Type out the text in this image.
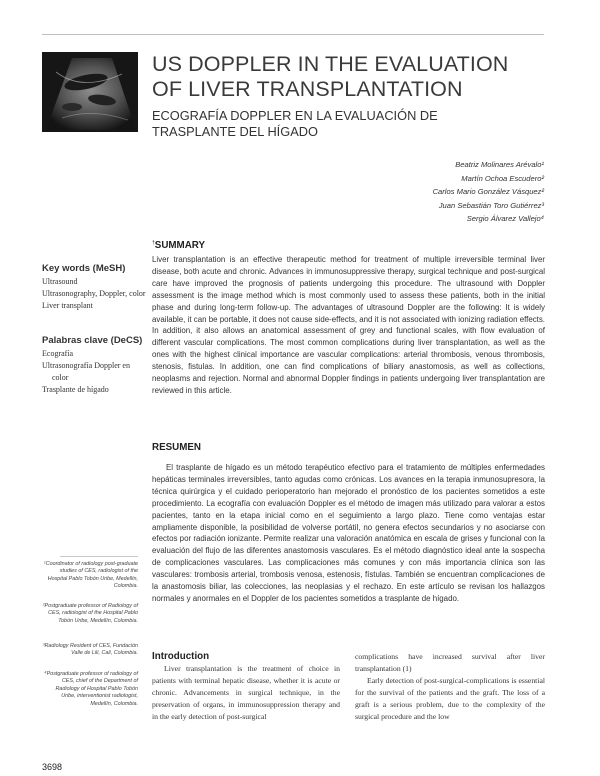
US DOPPLER IN THE EVALUATION
OF LIVER TRANSPLANTATION
ECOGRAFÍA DOPPLER EN LA EVALUACIÓN DE
TRASPLANTE DEL HÍGADO
Beatriz Molinares Arévalo¹
Martín Ochoa Escudero²
Carlos Mario González Vásquez²
Juan Sebastián Toro Gutiérrez³
Sergio Álvarez Vallejo⁴
Key words (MeSH)
Ultrasound
Ultrasonography, Doppler, color
Liver transplant
Palabras clave (DeCS)
Ecografía
Ultrasonografía Doppler en color
Trasplante de hígado
†SUMMARY
Liver transplantation is an effective therapeutic method for treatment of multiple irreversible terminal liver disease, both acute and chronic. Advances in immunosuppressive therapy, surgical technique and post-surgical care have improved the prognosis of patients undergoing this procedure. The ultrasound with Doppler assessment is the image method which is most commonly used to assess these patients, both in the initial phase and during long-term follow-up. The advantages of ultrasound Doppler are the following: It is widely available, it can be portable, it does not cause side-effects, and it is not associated with ionizing radiation effects. In addition, it also allows an anatomical assessment of grey and functional scales, with flow evaluation of different vascular complications. The most common complications during liver transplantation, as well as the ones with the highest clinical importance are vascular complications: arterial thrombosis, venous thrombosis, stenosis, fistulas. In addition, one can find complications of biliary anastomosis, as well as collections, neoplasms and rejection. Normal and abnormal Doppler findings in patients undergoing liver transplantation are reviewed in this article.
RESUMEN
El trasplante de hígado es un método terapéutico efectivo para el tratamiento de múltiples enfermedades hepáticas terminales irreversibles, tanto agudas como crónicas. Los avances en la terapia inmunosupresora, la técnica quirúrgica y el cuidado perioperatorio han mejorado el pronóstico de los pacientes sometidos a este procedimiento. La ecografía con evaluación Doppler es el método de imagen más utilizado para valorar a estos pacientes, tanto en la etapa inicial como en el seguimiento a largo plazo. Tiene como ventajas estar ampliamente disponible, la posibilidad de volverse portátil, no genera efectos secundarios y no asociarse con efectos por radiación ionizante. Permite realizar una valoración anatómica en escala de grises y funcional con la evaluación del flujo de las diferentes anastomosis vasculares. Es el método diagnóstico ideal ante la sospecha de complicaciones vasculares. Las complicaciones más comunes y con más importancia clínica son las vasculares: trombosis arterial, trombosis venosa, estenosis, fístulas. También se encuentran complicaciones de la anastomosis biliar, las colecciones, las neoplasias y el rechazo. En este artículo se revisan los hallazgos normales y anormales en el Doppler de los pacientes sometidos a trasplante de hígado.
¹Coordinator of radiology post-graduate studies of CES, radiologist of the Hospital Pablo Tobón Uribe, Medellín, Colombia.
²Postgraduate professor of Radiology of CES, radiologist of the Hospital Pablo Tobón Uribe, Medellín, Colombia.
³Radiology Resident of CES, Fundación Valle de Lili, Cali, Colombia.
⁴Postgraduate professor of radiology of CES, chief of the Department of Radiology of Hospital Pablo Tobón Uribe, interventionist radiologist, Medellín, Colombia.
Introduction
Liver transplantation is the treatment of choice in patients with terminal hepatic disease, whether it is acute or chronic. Advancements in surgical technique, in the preservation of organs, in immunosuppression therapy and in the early detection of post-surgical
complications have increased survival after liver transplantation (1)
Early detection of post-surgical-complications is essential for the survival of the patients and the graft. The loss of a graft is a serious problem, due to the complexity of the surgical procedure and the low
3698
